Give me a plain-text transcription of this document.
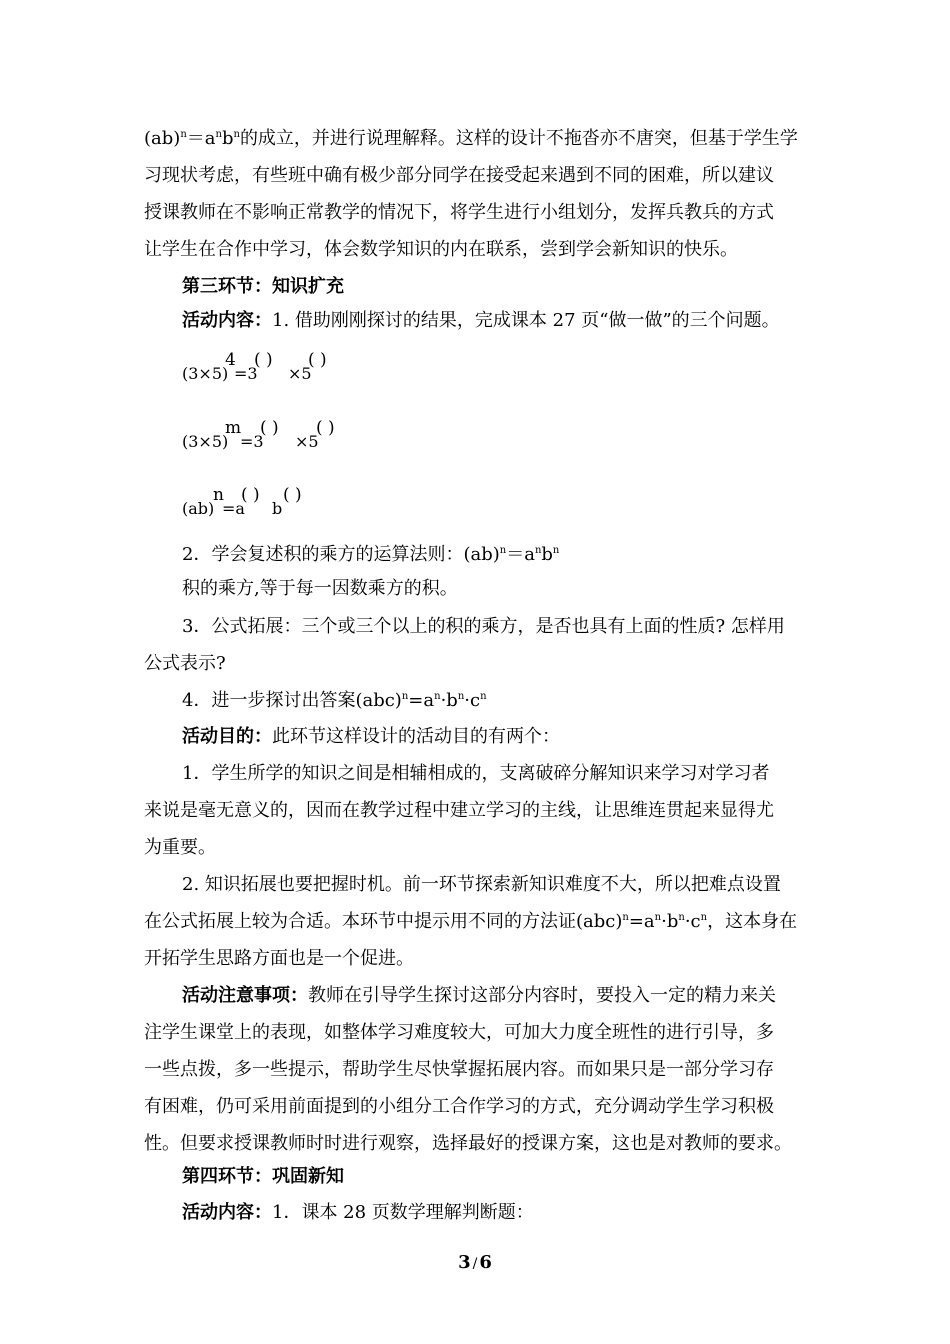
$(ab)^n=a^nb^n$的成立，并进行说理解释。这样的设计不拖沓亦不唐突，但基于学生学
习现状考虑，有些班中确有极少部分同学在接受起来遇到不同的困难，所以建议
授课教师在不影响正常教学的情况下，将学生进行小组划分，发挥兵教兵的方式
让学生在合作中学习，体会数学知识的内在联系，尝到学会新知识的快乐。
第三环节：知识扩充
活动内容：1. 借助刚刚探讨的结果，完成课本 27 页“做一做”的三个问题。
(3×5)
4
=3
( )
×5
( )
(3×5)
m
=3
( )
×5
( )
(ab)
n
=a
( )
b
( )
2．学会复述积的乘方的运算法则：$(ab)^n=a^nb^n$
积的乘方,等于每一因数乘方的积。
3．公式拓展：三个或三个以上的积的乘方，是否也具有上面的性质? 怎样用
公式表示?
4．进一步探讨出答案$(abc)^n=a^n\cdot b^n\cdot c^n$
活动目的：此环节这样设计的活动目的有两个：
1．学生所学的知识之间是相辅相成的，支离破碎分解知识来学习对学习者
来说是毫无意义的，因而在教学过程中建立学习的主线，让思维连贯起来显得尤
为重要。
2. 知识拓展也要把握时机。前一环节探索新知识难度不大，所以把难点设置
在公式拓展上较为合适。本环节中提示用不同的方法证$(abc)^n=a^n\cdot b^n\cdot c^n$，这本身在
开拓学生思路方面也是一个促进。
活动注意事项：教师在引导学生探讨这部分内容时，要投入一定的精力来关
注学生课堂上的表现，如整体学习难度较大，可加大力度全班性的进行引导，多
一些点拨，多一些提示，帮助学生尽快掌握拓展内容。而如果只是一部分学习存
有困难，仍可采用前面提到的小组分工合作学习的方式，充分调动学生学习积极
性。但要求授课教师时时进行观察，选择最好的授课方案，这也是对教师的要求。
第四环节：巩固新知
活动内容：1．课本 28 页数学理解判断题：
3 / 6
